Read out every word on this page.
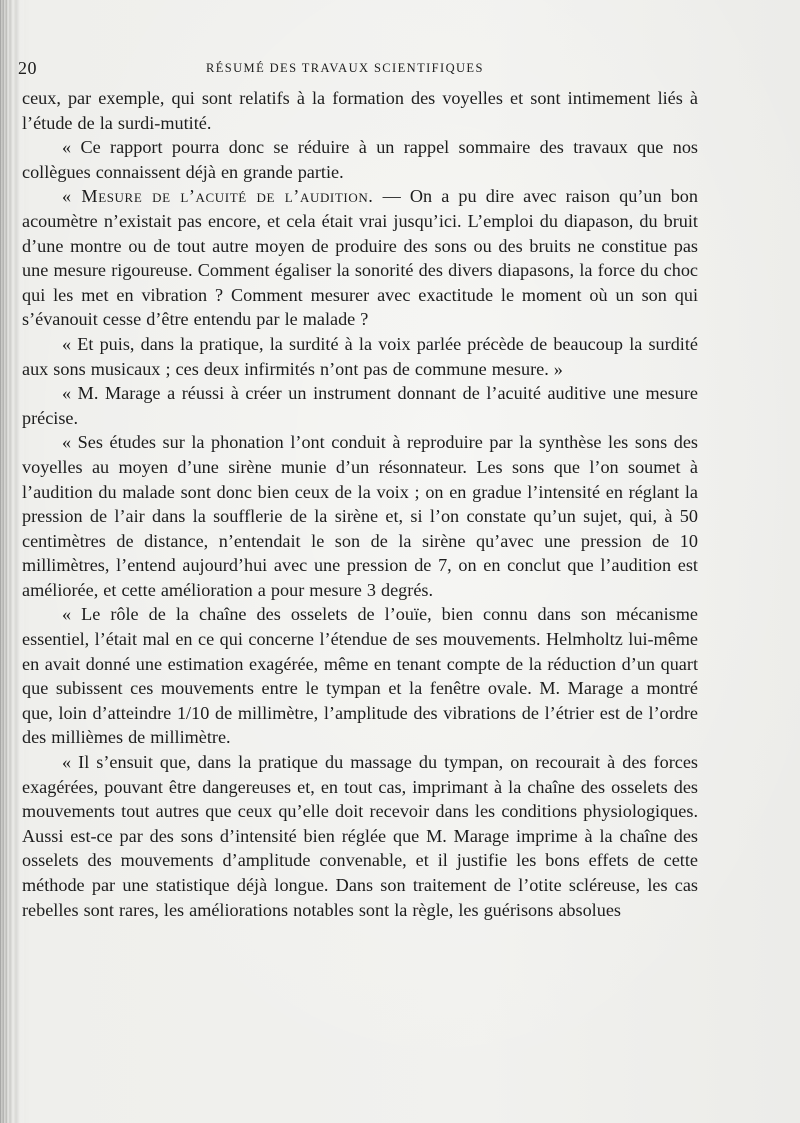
20	RÉSUMÉ DES TRAVAUX SCIENTIFIQUES

ceux, par exemple, qui sont relatifs à la formation des voyelles et sont intimement liés à l’étude de la surdi-mutité.

« Ce rapport pourra donc se réduire à un rappel sommaire des travaux que nos collègues connaissent déjà en grande partie.

« Mesure de l’acuité de l’audition. — On a pu dire avec raison qu’un bon acoumètre n’existait pas encore, et cela était vrai jusqu’ici. L’emploi du diapason, du bruit d’une montre ou de tout autre moyen de produire des sons ou des bruits ne constitue pas une mesure rigoureuse. Comment égaliser la sonorité des divers diapasons, la force du choc qui les met en vibration ? Comment mesurer avec exactitude le moment où un son qui s’évanouit cesse d’être entendu par le malade ?

« Et puis, dans la pratique, la surdité à la voix parlée précède de beaucoup la surdité aux sons musicaux ; ces deux infirmités n’ont pas de commune mesure. »

« M. Marage a réussi à créer un instrument donnant de l’acuité auditive une mesure précise.

« Ses études sur la phonation l’ont conduit à reproduire par la synthèse les sons des voyelles au moyen d’une sirène munie d’un résonnateur. Les sons que l’on soumet à l’audition du malade sont donc bien ceux de la voix ; on en gradue l’intensité en réglant la pression de l’air dans la soufflerie de la sirène et, si l’on constate qu’un sujet, qui, à 50 centimètres de distance, n’entendait le son de la sirène qu’avec une pression de 10 millimètres, l’entend aujourd’hui avec une pression de 7, on en conclut que l’audition est améliorée, et cette amélioration a pour mesure 3 degrés.

« Le rôle de la chaîne des osselets de l’ouïe, bien connu dans son mécanisme essentiel, l’était mal en ce qui concerne l’étendue de ses mouvements. Helmholtz lui-même en avait donné une estimation exagérée, même en tenant compte de la réduction d’un quart que subissent ces mouvements entre le tympan et la fenêtre ovale. M. Marage a montré que, loin d’atteindre 1/10 de millimètre, l’amplitude des vibrations de l’étrier est de l’ordre des millièmes de millimètre.

« Il s’ensuit que, dans la pratique du massage du tympan, on recourait à des forces exagérées, pouvant être dangereuses et, en tout cas, imprimant à la chaîne des osselets des mouvements tout autres que ceux qu’elle doit recevoir dans les conditions physiologiques. Aussi est-ce par des sons d’intensité bien réglée que M. Marage imprime à la chaîne des osselets des mouvements d’amplitude convenable, et il justifie les bons effets de cette méthode par une statistique déjà longue. Dans son traitement de l’otite scléreuse, les cas rebelles sont rares, les améliorations notables sont la règle, les guérisons absolues
